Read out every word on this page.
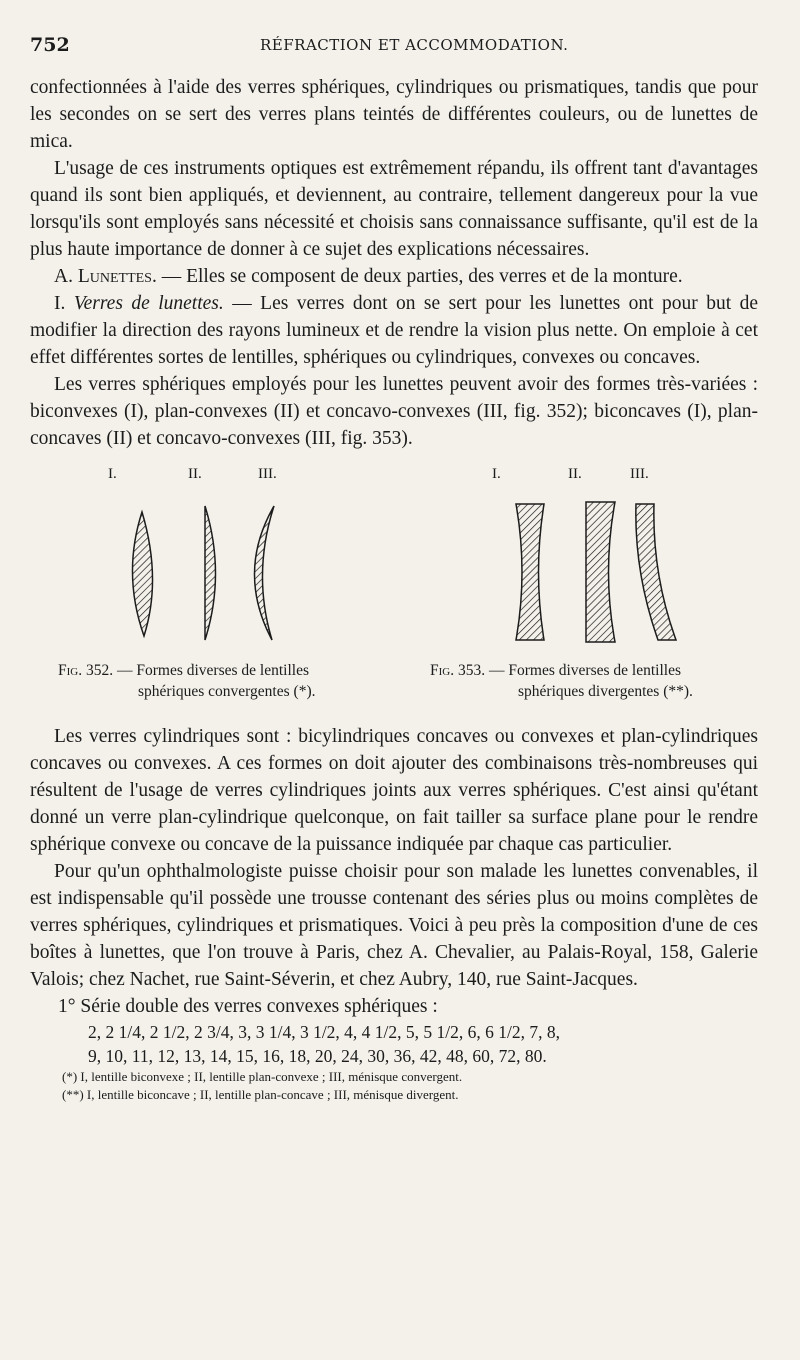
752	RÉFRACTION ET ACCOMMODATION.

confectionnées à l'aide des verres sphériques, cylindriques ou prismatiques, tandis que pour les secondes on se sert des verres plans teintés de différentes couleurs, ou de lunettes de mica.

L'usage de ces instruments optiques est extrêmement répandu, ils offrent tant d'avantages quand ils sont bien appliqués, et deviennent, au contraire, tellement dangereux pour la vue lorsqu'ils sont employés sans nécessité et choisis sans connaissance suffisante, qu'il est de la plus haute importance de donner à ce sujet des explications nécessaires.

A. Lunettes. — Elles se composent de deux parties, des verres et de la monture.

I. Verres de lunettes. — Les verres dont on se sert pour les lunettes ont pour but de modifier la direction des rayons lumineux et de rendre la vision plus nette. On emploie à cet effet différentes sortes de lentilles, sphériques ou cylindriques, convexes ou concaves.

Les verres sphériques employés pour les lunettes peuvent avoir des formes très-variées : biconvexes (I), plan-convexes (II) et concavo-convexes (III, fig. 352); biconcaves (I), plan-concaves (II) et concavo-convexes (III, fig. 353).

I.	II.	III.	I.	II.	III.
Fig. 352. — Formes diverses de lentilles
sphériques convergentes (*).
Fig. 353. — Formes diverses de lentilles
sphériques divergentes (**).

Les verres cylindriques sont : bicylindriques concaves ou convexes et plan-cylindriques concaves ou convexes. A ces formes on doit ajouter des combinaisons très-nombreuses qui résultent de l'usage de verres cylindriques joints aux verres sphériques. C'est ainsi qu'étant donné un verre plan-cylindrique quelconque, on fait tailler sa surface plane pour le rendre sphérique convexe ou concave de la puissance indiquée par chaque cas particulier.

Pour qu'un ophthalmologiste puisse choisir pour son malade les lunettes convenables, il est indispensable qu'il possède une trousse contenant des séries plus ou moins complètes de verres sphériques, cylindriques et prismatiques. Voici à peu près la composition d'une de ces boîtes à lunettes, que l'on trouve à Paris, chez A. Chevalier, au Palais-Royal, 158, Galerie Valois; chez Nachet, rue Saint-Séverin, et chez Aubry, 140, rue Saint-Jacques.

1° Série double des verres convexes sphériques :

2, 2 1/4, 2 1/2, 2 3/4, 3, 3 1/4, 3 1/2, 4, 4 1/2, 5, 5 1/2, 6, 6 1/2, 7, 8,
9, 10, 11, 12, 13, 14, 15, 16, 18, 20, 24, 30, 36, 42, 48, 60, 72, 80.

(*) I, lentille biconvexe ; II, lentille plan-convexe ; III, ménisque convergent.
(**) I, lentille biconcave ; II, lentille plan-concave ; III, ménisque divergent.
